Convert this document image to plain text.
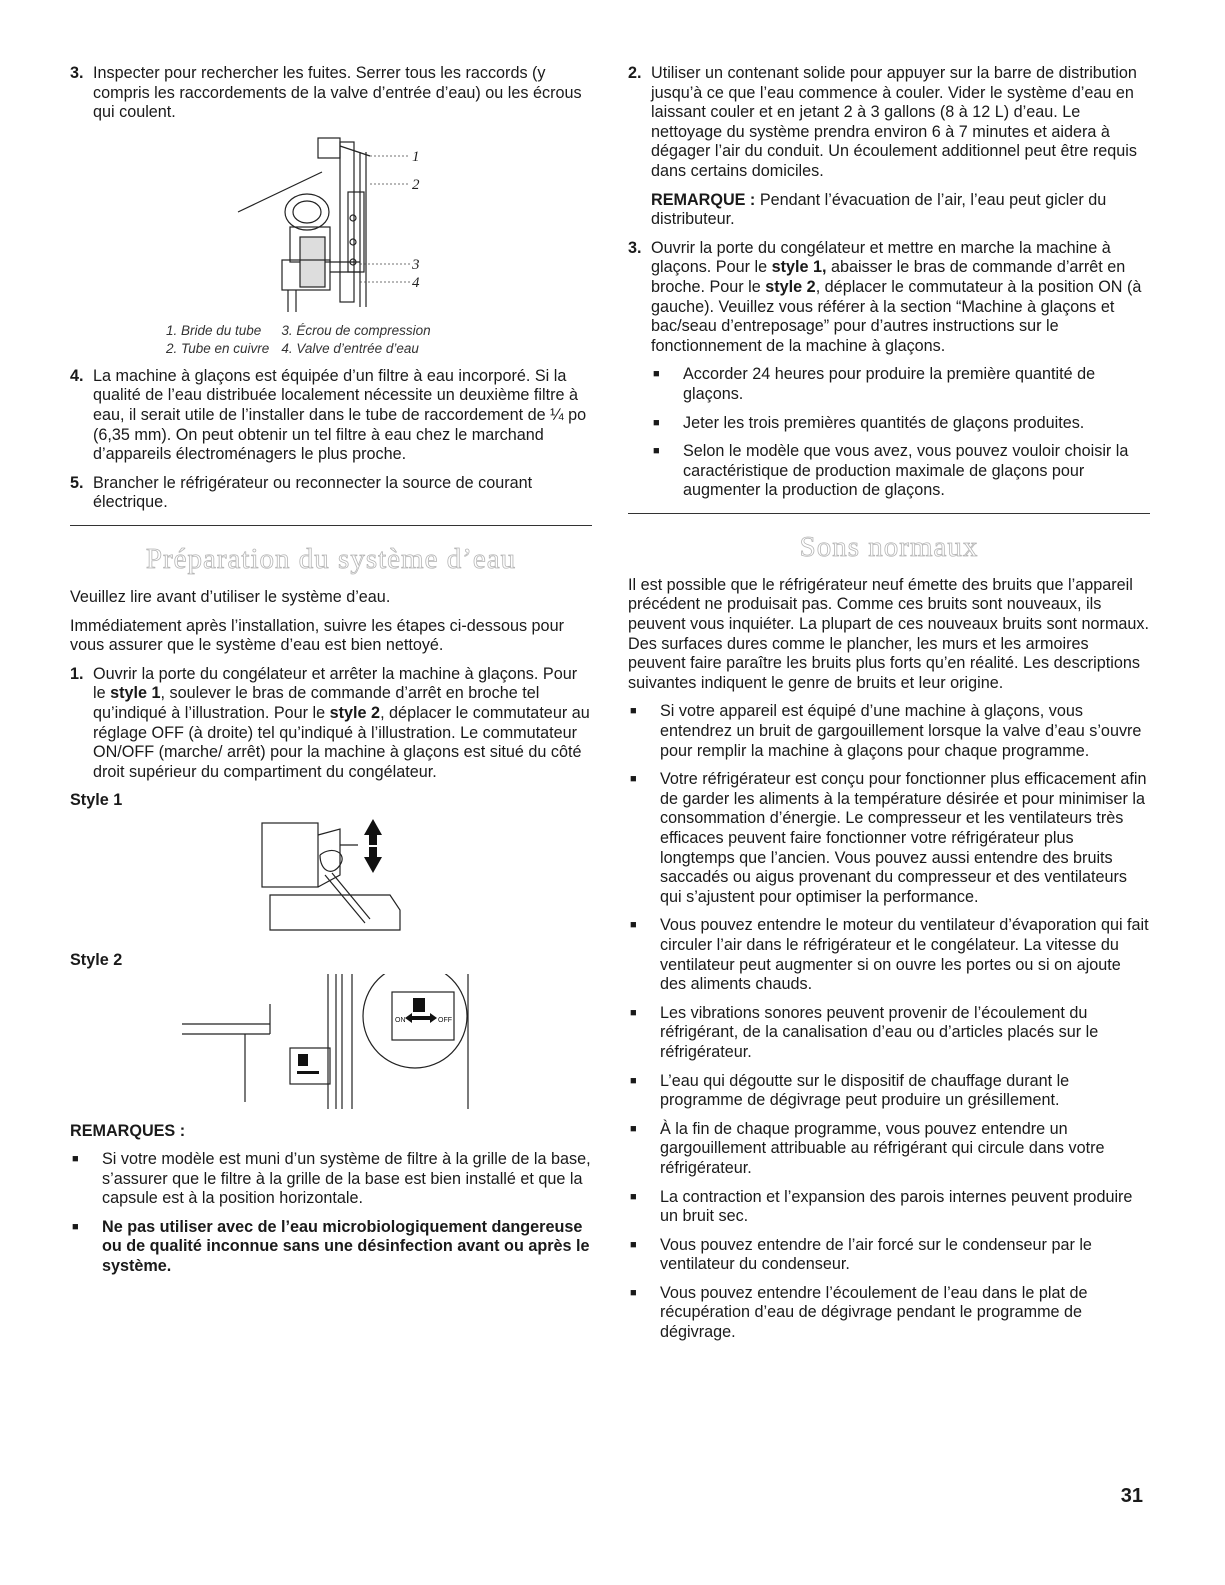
3. Inspecter pour rechercher les fuites. Serrer tous les raccords (y compris les raccordements de la valve d’entrée d’eau) ou les écrous qui coulent.
1
2
3
4
1. Bride du tube	3. Écrou de compression
2. Tube en cuivre	4. Valve d’entrée d’eau
4. La machine à glaçons est équipée d’un filtre à eau incorporé. Si la qualité de l’eau distribuée localement nécessite un deuxième filtre à eau, il serait utile de l’installer dans le tube de raccordement de ¼ po (6,35 mm). On peut obtenir un tel filtre à eau chez le marchand d’appareils électroménagers le plus proche.
5. Brancher le réfrigérateur ou reconnecter la source de courant électrique.
Préparation du système d’eau

Veuillez lire avant d’utiliser le système d’eau.

Immédiatement après l’installation, suivre les étapes ci-dessous pour vous assurer que le système d’eau est bien nettoyé.

1. Ouvrir la porte du congélateur et arrêter la machine à glaçons. Pour le style 1, soulever le bras de commande d’arrêt en broche tel qu’indiqué à l’illustration. Pour le style 2, déplacer le commutateur au réglage OFF (à droite) tel qu’indiqué à l’illustration. Le commutateur ON/OFF (marche/ arrêt) pour la machine à glaçons est situé du côté droit supérieur du compartiment du congélateur.
Style 1
Style 2
ON	OFF
REMARQUES :
■	Si votre modèle est muni d’un système de filtre à la grille de la base, s’assurer que le filtre à la grille de la base est bien installé et que la capsule est à la position horizontale.
■	Ne pas utiliser avec de l’eau microbiologiquement dangereuse ou de qualité inconnue sans une désinfection avant ou après le système.
2. Utiliser un contenant solide pour appuyer sur la barre de distribution jusqu’à ce que l’eau commence à couler. Vider le système d’eau en laissant couler et en jetant 2 à 3 gallons (8 à 12 L) d’eau. Le nettoyage du système prendra environ 6 à 7 minutes et aidera à dégager l’air du conduit. Un écoulement additionnel peut être requis dans certains domiciles.
REMARQUE : Pendant l’évacuation de l’air, l’eau peut gicler du distributeur.
3. Ouvrir la porte du congélateur et mettre en marche la machine à glaçons. Pour le style 1, abaisser le bras de commande d’arrêt en broche. Pour le style 2, déplacer le commutateur à la position ON (à gauche). Veuillez vous référer à la section “Machine à glaçons et bac/seau d’entreposage” pour d’autres instructions sur le fonctionnement de la machine à glaçons.
■	Accorder 24 heures pour produire la première quantité de glaçons.
■	Jeter les trois premières quantités de glaçons produites.
■	Selon le modèle que vous avez, vous pouvez vouloir choisir la caractéristique de production maximale de glaçons pour augmenter la production de glaçons.
Sons normaux

Il est possible que le réfrigérateur neuf émette des bruits que l’appareil précédent ne produisait pas. Comme ces bruits sont nouveaux, ils peuvent vous inquiéter. La plupart de ces nouveaux bruits sont normaux. Des surfaces dures comme le plancher, les murs et les armoires peuvent faire paraître les bruits plus forts qu’en réalité. Les descriptions suivantes indiquent le genre de bruits et leur origine.

■	Si votre appareil est équipé d’une machine à glaçons, vous entendrez un bruit de gargouillement lorsque la valve d’eau s’ouvre pour remplir la machine à glaçons pour chaque programme.
■	Votre réfrigérateur est conçu pour fonctionner plus efficacement afin de garder les aliments à la température désirée et pour minimiser la consommation d’énergie. Le compresseur et les ventilateurs très efficaces peuvent faire fonctionner votre réfrigérateur plus longtemps que l’ancien. Vous pouvez aussi entendre des bruits saccadés ou aigus provenant du compresseur et des ventilateurs qui s’ajustent pour optimiser la performance.
■	Vous pouvez entendre le moteur du ventilateur d’évaporation qui fait circuler l’air dans le réfrigérateur et le congélateur. La vitesse du ventilateur peut augmenter si on ouvre les portes ou si on ajoute des aliments chauds.
■	Les vibrations sonores peuvent provenir de l’écoulement du réfrigérant, de la canalisation d’eau ou d’articles placés sur le réfrigérateur.
■	L’eau qui dégoutte sur le dispositif de chauffage durant le programme de dégivrage peut produire un grésillement.
■	À la fin de chaque programme, vous pouvez entendre un gargouillement attribuable au réfrigérant qui circule dans votre réfrigérateur.
■	La contraction et l’expansion des parois internes peuvent produire un bruit sec.
■	Vous pouvez entendre de l’air forcé sur le condenseur par le ventilateur du condenseur.
■	Vous pouvez entendre l’écoulement de l’eau dans le plat de récupération d’eau de dégivrage pendant le programme de dégivrage.
31
